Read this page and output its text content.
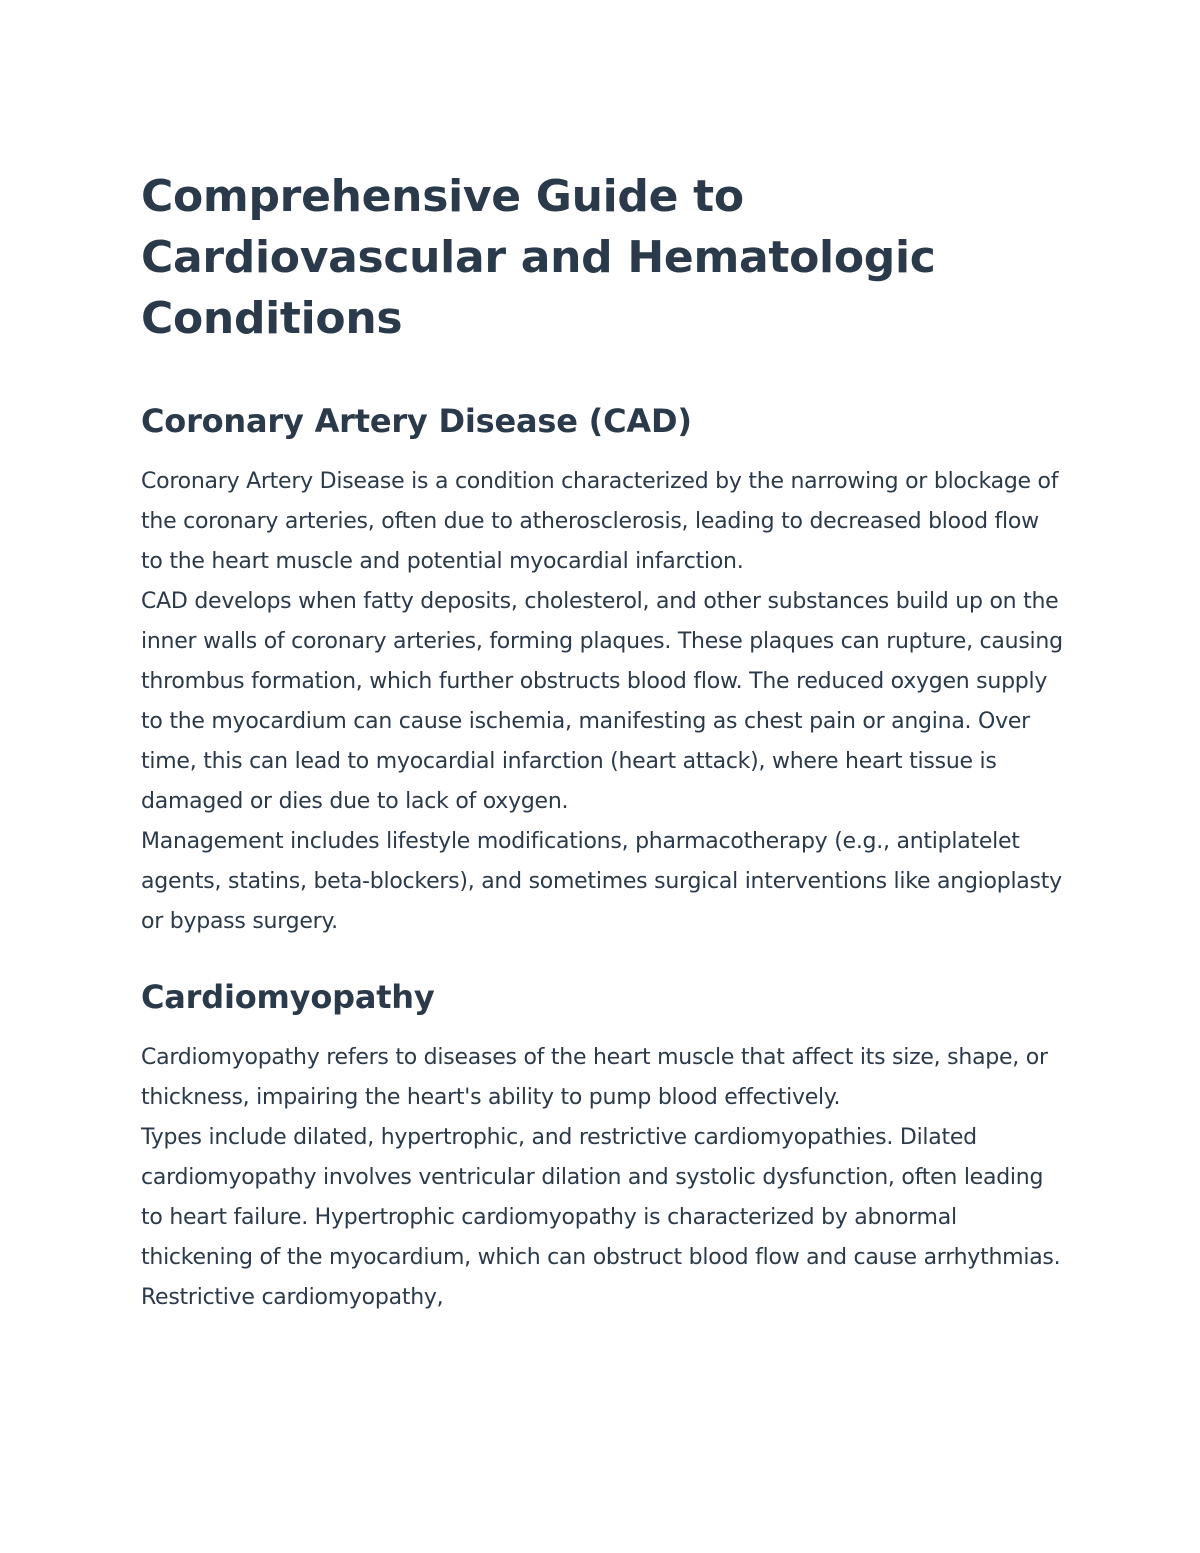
Comprehensive Guide to Cardiovascular and Hematologic Conditions
Coronary Artery Disease (CAD)

Coronary Artery Disease is a condition characterized by the narrowing or blockage of the coronary arteries, often due to atherosclerosis, leading to decreased blood flow to the heart muscle and potential myocardial infarction.

CAD develops when fatty deposits, cholesterol, and other substances build up on the inner walls of coronary arteries, forming plaques. These plaques can rupture, causing thrombus formation, which further obstructs blood flow. The reduced oxygen supply to the myocardium can cause ischemia, manifesting as chest pain or angina. Over time, this can lead to myocardial infarction (heart attack), where heart tissue is damaged or dies due to lack of oxygen.

Management includes lifestyle modifications, pharmacotherapy (e.g., antiplatelet agents, statins, beta-blockers), and sometimes surgical interventions like angioplasty or bypass surgery.

Cardiomyopathy

Cardiomyopathy refers to diseases of the heart muscle that affect its size, shape, or thickness, impairing the heart's ability to pump blood effectively.

Types include dilated, hypertrophic, and restrictive cardiomyopathies. Dilated cardiomyopathy involves ventricular dilation and systolic dysfunction, often leading to heart failure. Hypertrophic cardiomyopathy is characterized by abnormal thickening of the myocardium, which can obstruct blood flow and cause arrhythmias. Restrictive cardiomyopathy,
